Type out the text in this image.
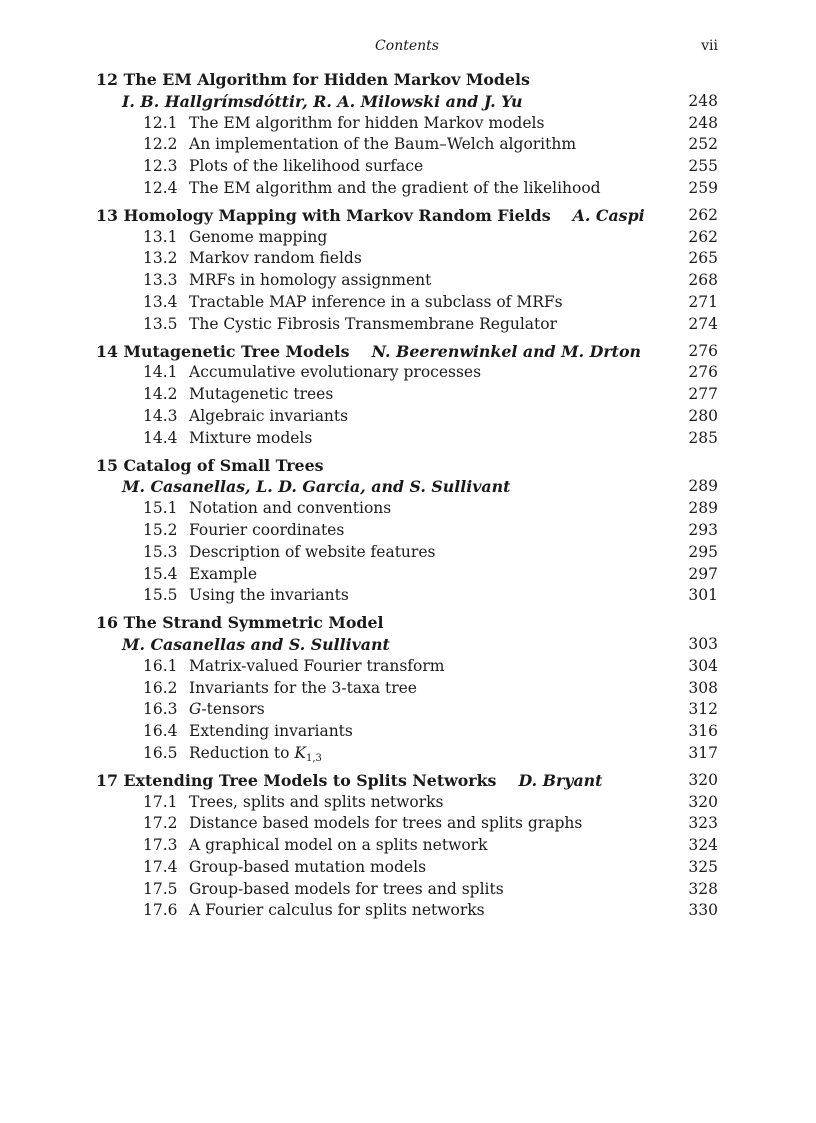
Contents	vii
12 The EM Algorithm for Hidden Markov Models
I. B. Hallgrímsdóttir, R. A. Milowski and J. Yu	248
12.1 The EM algorithm for hidden Markov models	248
12.2 An implementation of the Baum–Welch algorithm	252
12.3 Plots of the likelihood surface	255
12.4 The EM algorithm and the gradient of the likelihood	259
13 Homology Mapping with Markov Random Fields A. Caspi	262
13.1 Genome mapping	262
13.2 Markov random fields	265
13.3 MRFs in homology assignment	268
13.4 Tractable MAP inference in a subclass of MRFs	271
13.5 The Cystic Fibrosis Transmembrane Regulator	274
14 Mutagenetic Tree Models N. Beerenwinkel and M. Drton	276
14.1 Accumulative evolutionary processes	276
14.2 Mutagenetic trees	277
14.3 Algebraic invariants	280
14.4 Mixture models	285
15 Catalog of Small Trees
M. Casanellas, L. D. Garcia, and S. Sullivant	289
15.1 Notation and conventions	289
15.2 Fourier coordinates	293
15.3 Description of website features	295
15.4 Example	297
15.5 Using the invariants	301
16 The Strand Symmetric Model
M. Casanellas and S. Sullivant	303
16.1 Matrix-valued Fourier transform	304
16.2 Invariants for the 3-taxa tree	308
16.3 G-tensors	312
16.4 Extending invariants	316
16.5 Reduction to $K_{1,3}$	317
17 Extending Tree Models to Splits Networks D. Bryant	320
17.1 Trees, splits and splits networks	320
17.2 Distance based models for trees and splits graphs	323
17.3 A graphical model on a splits network	324
17.4 Group-based mutation models	325
17.5 Group-based models for trees and splits	328
17.6 A Fourier calculus for splits networks	330
